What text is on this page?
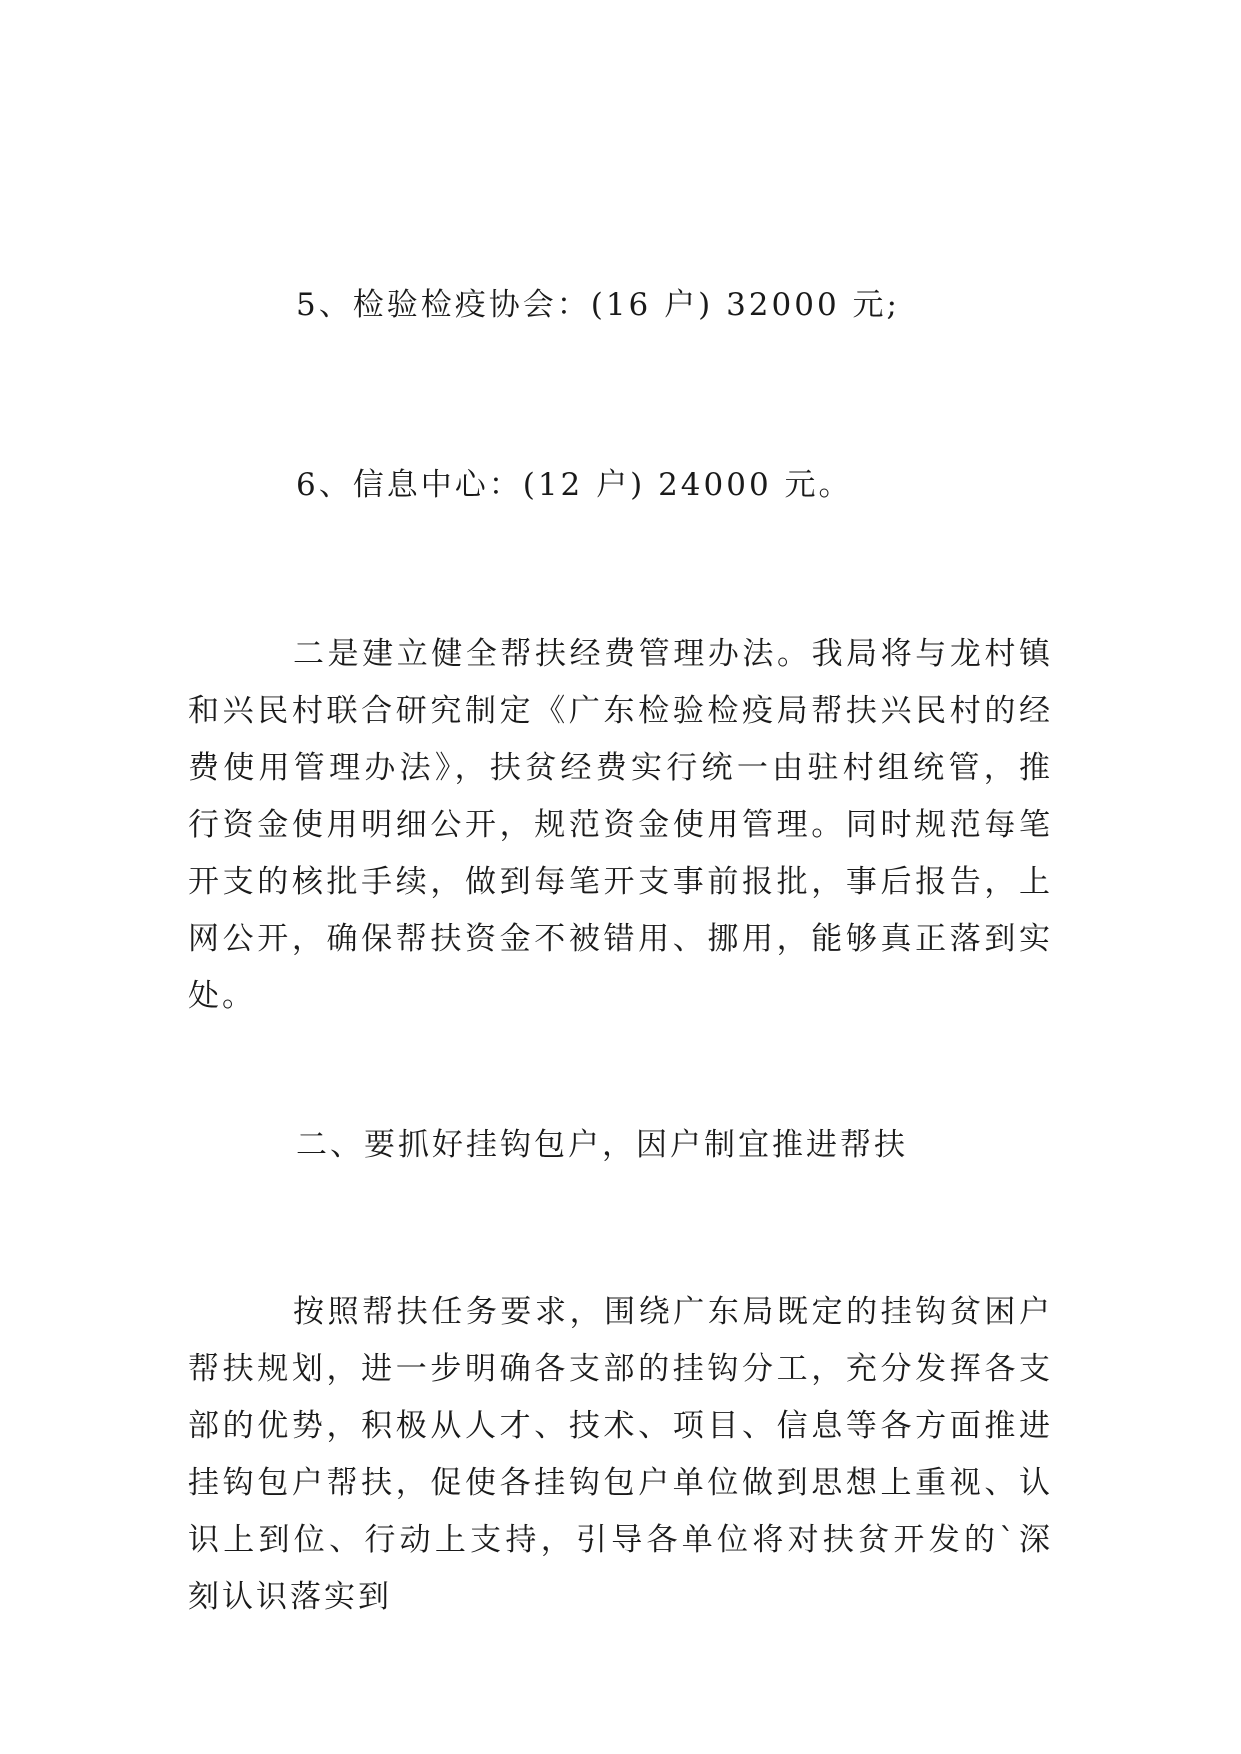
5、检验检疫协会：(16 户) 32000 元;
6、信息中心：(12 户) 24000 元。

二是建立健全帮扶经费管理办法。我局将与龙村镇和兴民村联合研究制定《广东检验检疫局帮扶兴民村的经费使用管理办法》，扶贫经费实行统一由驻村组统管，推行资金使用明细公开，规范资金使用管理。同时规范每笔开支的核批手续，做到每笔开支事前报批，事后报告，上网公开，确保帮扶资金不被错用、挪用，能够真正落到实处。

二、要抓好挂钩包户，因户制宜推进帮扶

按照帮扶任务要求，围绕广东局既定的挂钩贫困户帮扶规划，进一步明确各支部的挂钩分工，充分发挥各支部的优势，积极从人才、技术、项目、信息等各方面推进挂钩包户帮扶，促使各挂钩包户单位做到思想上重视、认识上到位、行动上支持，引导各单位将对扶贫开发的`深刻认识落实到
